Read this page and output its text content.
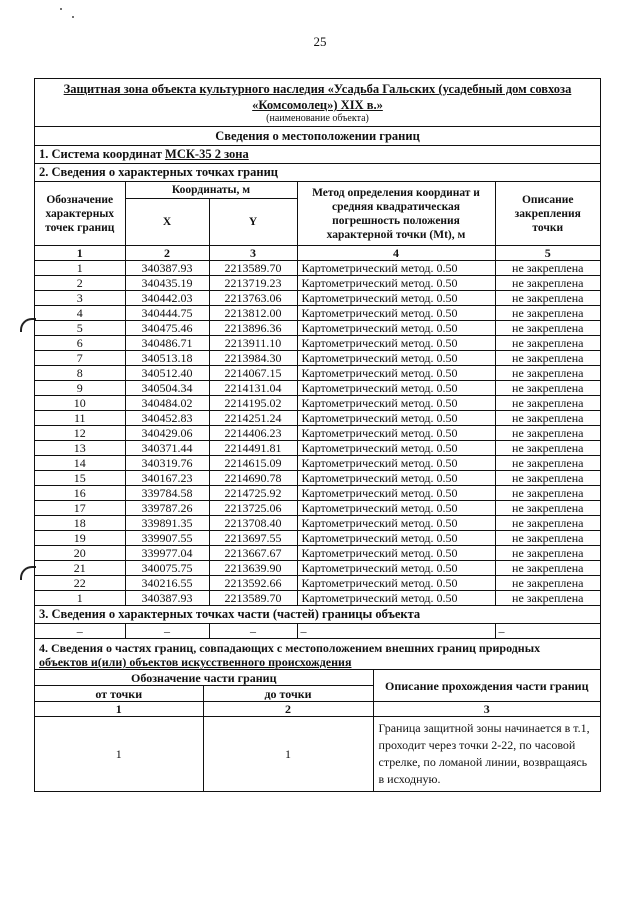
25
Защитная зона объекта культурного наследия «Усадьба Гальских (усадебный дом совхоза
«Комсомолец») XIX в.»
(наименование объекта)
Сведения о местоположении границ
1. Система координат МСК-35 2 зона
2. Сведения о характерных точках границ
Обозначение характерных точек границ	Координаты, м		Метод определения координат и средняя квадратическая погрешность положения характерной точки (Mt), м	Описание закрепления точки
	X	Y		
1	2	3	4	5
1	340387.93	2213589.70	Картометрический метод. 0.50	не закреплена
2	340435.19	2213719.23	Картометрический метод. 0.50	не закреплена
3	340442.03	2213763.06	Картометрический метод. 0.50	не закреплена
4	340444.75	2213812.00	Картометрический метод. 0.50	не закреплена
5	340475.46	2213896.36	Картометрический метод. 0.50	не закреплена
6	340486.71	2213911.10	Картометрический метод. 0.50	не закреплена
7	340513.18	2213984.30	Картометрический метод. 0.50	не закреплена
8	340512.40	2214067.15	Картометрический метод. 0.50	не закреплена
9	340504.34	2214131.04	Картометрический метод. 0.50	не закреплена
10	340484.02	2214195.02	Картометрический метод. 0.50	не закреплена
11	340452.83	2214251.24	Картометрический метод. 0.50	не закреплена
12	340429.06	2214406.23	Картометрический метод. 0.50	не закреплена
13	340371.44	2214491.81	Картометрический метод. 0.50	не закреплена
14	340319.76	2214615.09	Картометрический метод. 0.50	не закреплена
15	340167.23	2214690.78	Картометрический метод. 0.50	не закреплена
16	339784.58	2214725.92	Картометрический метод. 0.50	не закреплена
17	339787.26	2213725.06	Картометрический метод. 0.50	не закреплена
18	339891.35	2213708.40	Картометрический метод. 0.50	не закреплена
19	339907.55	2213697.55	Картометрический метод. 0.50	не закреплена
20	339977.04	2213667.67	Картометрический метод. 0.50	не закреплена
21	340075.75	2213639.90	Картометрический метод. 0.50	не закреплена
22	340216.55	2213592.66	Картометрический метод. 0.50	не закреплена
1	340387.93	2213589.70	Картометрический метод. 0.50	не закреплена
3. Сведения о характерных точках части (частей) границы объекта
–	–	–	–	–
4. Сведения о частях границ, совпадающих с местоположением внешних границ природных
объектов и(или) объектов искусственного происхождения
Обозначение части границ		Описание прохождения части границ
от точки	до точки	
1	2	3
1	1	Граница защитной зоны начинается в т.1, проходит через точки 2-22, по часовой стрелке, по ломаной линии, возвращаясь в исходную.
